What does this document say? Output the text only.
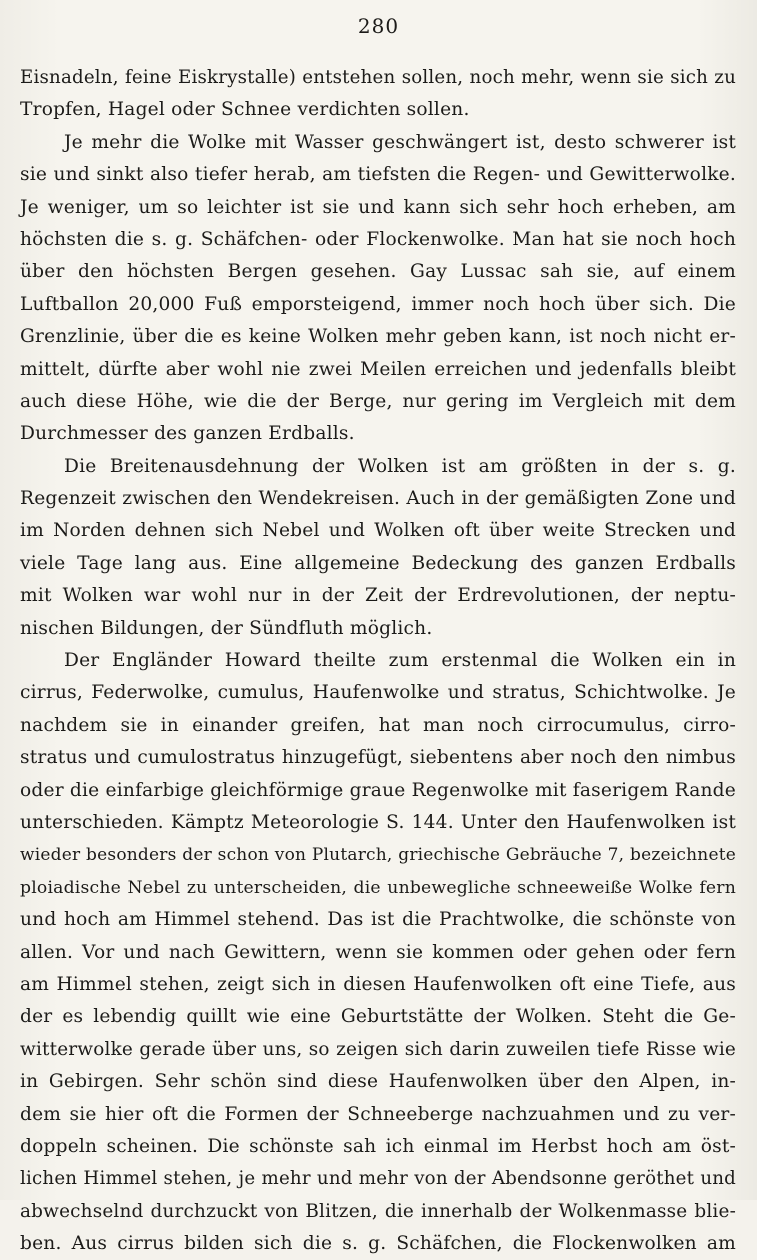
280
Eisnadeln, feine Eiskrystalle) entstehen sollen, noch mehr, wenn sie sich zu
Tropfen, Hagel oder Schnee verdichten sollen.
Je mehr die Wolke mit Wasser geschwängert ist, desto schwerer ist
sie und sinkt also tiefer herab, am tiefsten die Regen- und Gewitterwolke.
Je weniger, um so leichter ist sie und kann sich sehr hoch erheben, am
höchsten die s. g. Schäfchen- oder Flockenwolke. Man hat sie noch hoch
über den höchsten Bergen gesehen. Gay Lussac sah sie, auf einem
Luftballon 20,000 Fuß emporsteigend, immer noch hoch über sich. Die
Grenzlinie, über die es keine Wolken mehr geben kann, ist noch nicht er-
mittelt, dürfte aber wohl nie zwei Meilen erreichen und jedenfalls bleibt
auch diese Höhe, wie die der Berge, nur gering im Vergleich mit dem
Durchmesser des ganzen Erdballs.
Die Breitenausdehnung der Wolken ist am größten in der s. g.
Regenzeit zwischen den Wendekreisen. Auch in der gemäßigten Zone und
im Norden dehnen sich Nebel und Wolken oft über weite Strecken und
viele Tage lang aus. Eine allgemeine Bedeckung des ganzen Erdballs
mit Wolken war wohl nur in der Zeit der Erdrevolutionen, der neptu-
nischen Bildungen, der Sündfluth möglich.
Der Engländer Howard theilte zum erstenmal die Wolken ein in
cirrus, Federwolke, cumulus, Haufenwolke und stratus, Schichtwolke. Je
nachdem sie in einander greifen, hat man noch cirrocumulus, cirro-
stratus und cumulostratus hinzugefügt, siebentens aber noch den nimbus
oder die einfarbige gleichförmige graue Regenwolke mit faserigem Rande
unterschieden. Kämptz Meteorologie S. 144. Unter den Haufenwolken ist
wieder besonders der schon von Plutarch, griechische Gebräuche 7, bezeichnete
ploiadische Nebel zu unterscheiden, die unbewegliche schneeweiße Wolke fern
und hoch am Himmel stehend. Das ist die Prachtwolke, die schönste von
allen. Vor und nach Gewittern, wenn sie kommen oder gehen oder fern
am Himmel stehen, zeigt sich in diesen Haufenwolken oft eine Tiefe, aus
der es lebendig quillt wie eine Geburtstätte der Wolken. Steht die Ge-
witterwolke gerade über uns, so zeigen sich darin zuweilen tiefe Risse wie
in Gebirgen. Sehr schön sind diese Haufenwolken über den Alpen, in-
dem sie hier oft die Formen der Schneeberge nachzuahmen und zu ver-
doppeln scheinen. Die schönste sah ich einmal im Herbst hoch am öst-
lichen Himmel stehen, je mehr und mehr von der Abendsonne geröthet und
abwechselnd durchzuckt von Blitzen, die innerhalb der Wolkenmasse blie-
ben. Aus cirrus bilden sich die s. g. Schäfchen, die Flockenwolken am
